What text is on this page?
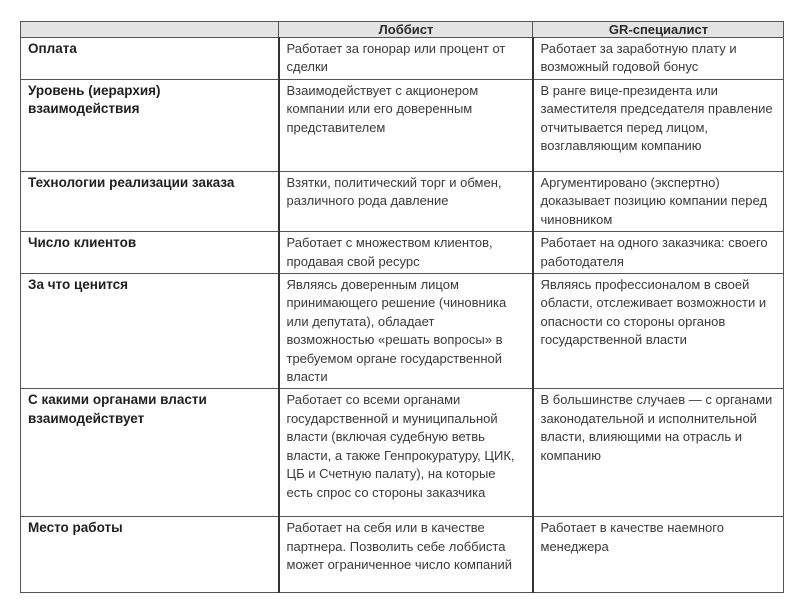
	Лоббист	GR-специалист
Оплата	Работает за гонорар или процент от сделки	Работает за заработную плату и возможный годовой бонус
Уровень (иерархия) взаимодействия	Взаимодействует с акционером компании или его доверенным представителем	В ранге вице-президента или заместителя председателя правление отчитывается перед лицом, возглавляющим компанию
Технологии реализации заказа	Взятки, политический торг и обмен, различного рода давление	Аргументировано (экспертно) доказывает позицию компании перед чиновником
Число клиентов	Работает с множеством клиентов, продавая свой ресурс	Работает на одного заказчика: своего работодателя
За что ценится	Являясь доверенным лицом принимающего решение (чиновника или депутата), обладает возможностью «решать вопросы» в требуемом органе государственной власти	Являясь профессионалом в своей области, отслеживает возможности и опасности со стороны органов государственной власти
С какими органами власти взаимодействует	Работает со всеми органами государственной и муниципальной власти (включая судебную ветвь власти, а также Генпрокуратуру, ЦИК, ЦБ и Счетную палату), на которые есть спрос со стороны заказчика	В большинстве случаев — с органами законодательной и исполнительной власти, влияющими на отрасль и компанию
Место работы	Работает на себя или в качестве партнера. Позволить себе лоббиста может ограниченное число компаний	Работает в качестве наемного менеджера
